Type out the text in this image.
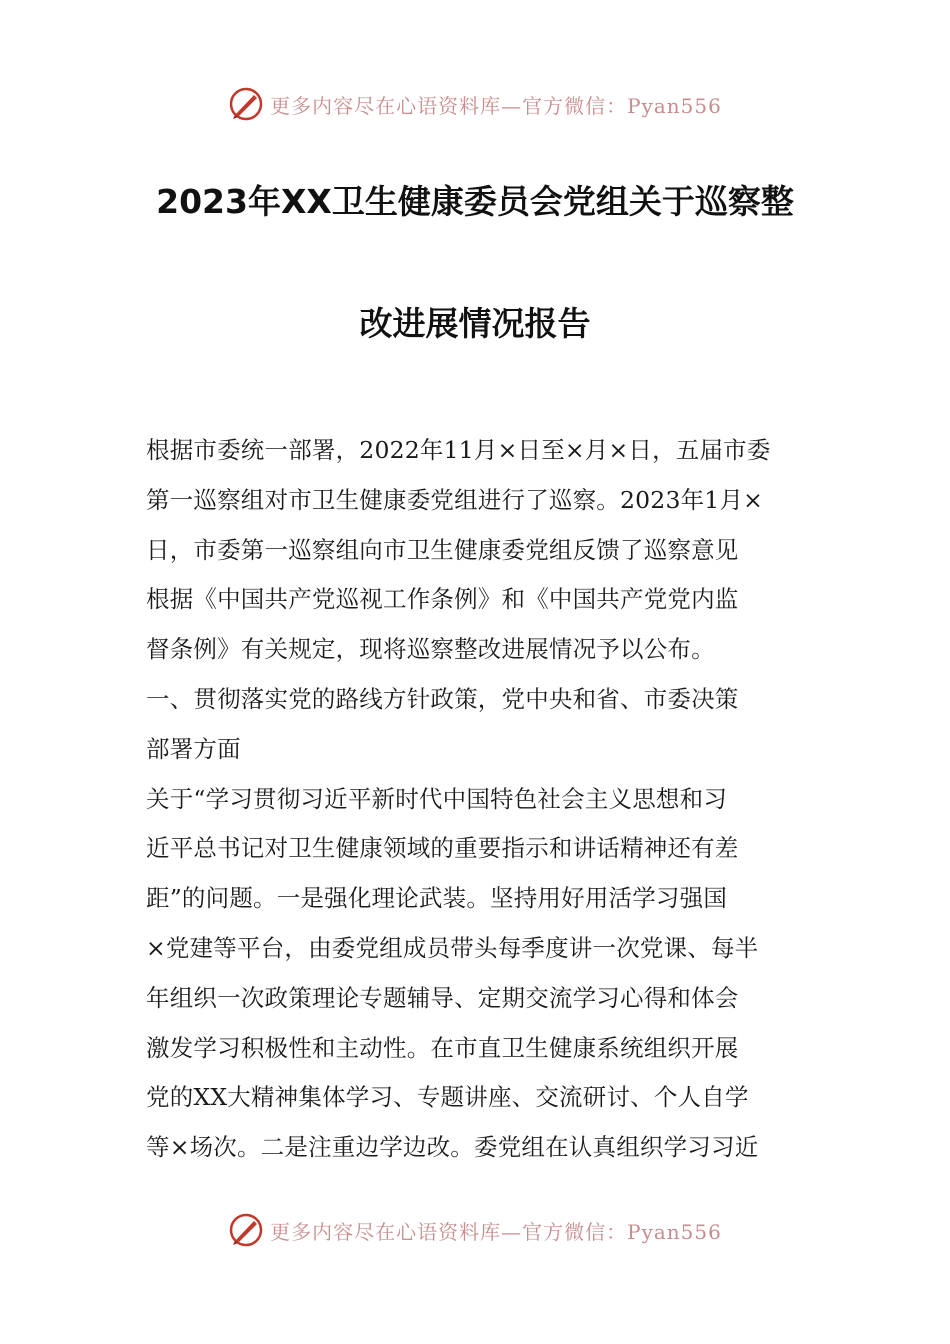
更多内容尽在心语资料库—官方微信：Pyan556
2023年XX卫生健康委员会党组关于巡察整
改进展情况报告
根据市委统一部署，2022年11月×日至×月×日，五届市委
第一巡察组对市卫生健康委党组进行了巡察。2023年1月×
日，市委第一巡察组向市卫生健康委党组反馈了巡察意见
根据《中国共产党巡视工作条例》和《中国共产党党内监
督条例》有关规定，现将巡察整改进展情况予以公布。
一、贯彻落实党的路线方针政策，党中央和省、市委决策
部署方面
关于“学习贯彻习近平新时代中国特色社会主义思想和习
近平总书记对卫生健康领域的重要指示和讲话精神还有差
距”的问题。一是强化理论武装。坚持用好用活学习强国
×党建等平台，由委党组成员带头每季度讲一次党课、每半
年组织一次政策理论专题辅导、定期交流学习心得和体会
激发学习积极性和主动性。在市直卫生健康系统组织开展
党的XX大精神集体学习、专题讲座、交流研讨、个人自学
等×场次。二是注重边学边改。委党组在认真组织学习习近
更多内容尽在心语资料库—官方微信：Pyan556
